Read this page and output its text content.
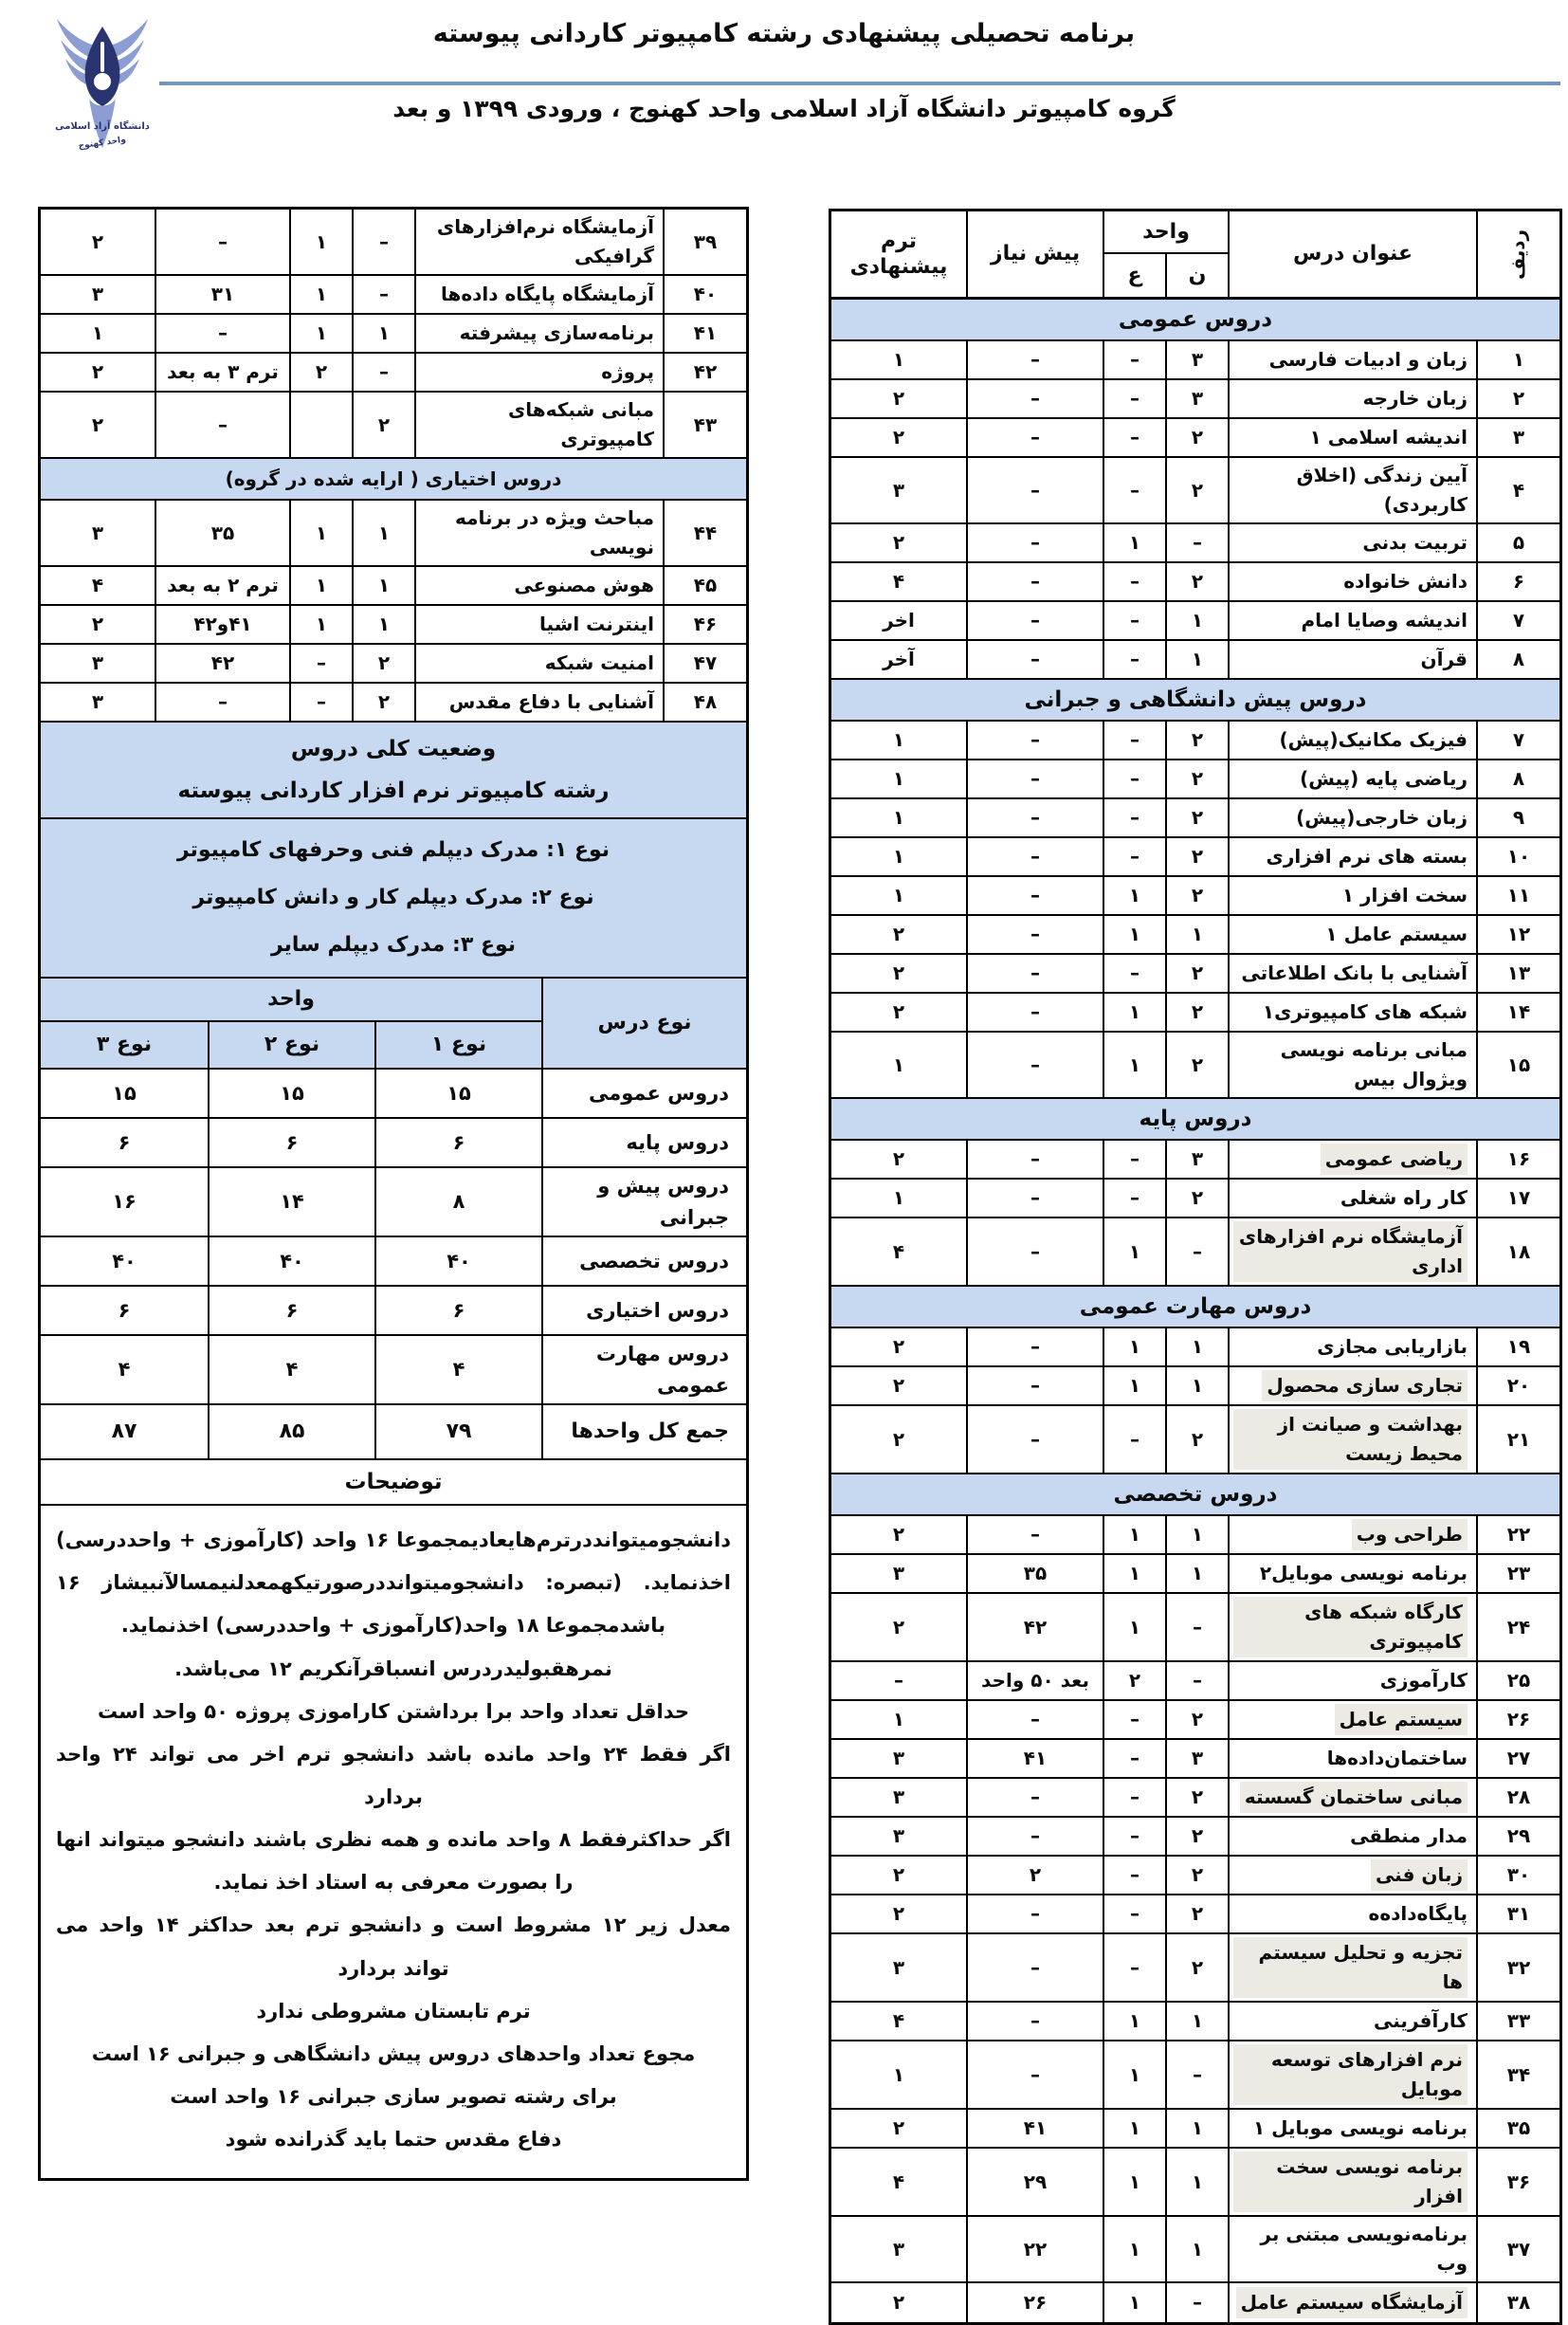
دانشگاه آزاد اسلامی
واحد کهنوج
برنامه تحصیلی پیشنهادی رشته کامپیوتر کاردانی پیوسته
گروه کامپیوتر دانشگاه آزاد اسلامی واحد کهنوج ، ورودی ۱۳۹۹ و بعد
ردیف
عنوان درس
واحد
ن
ع
پیش نیاز
ترم پیشنهادی
دروس عمومی
۱
زبان و ادبیات فارسی
۳
–
–
۱
۲
زبان خارجه
۳
–
–
۲
۳
اندیشه اسلامی ۱
۲
–
–
۲
۴
آیین زندگی (اخلاق کاربردی)
۲
–
–
۳
۵
تربیت بدنی
–
۱
–
۲
۶
دانش خانواده
۲
–
–
۴
۷
اندیشه وصایا امام
۱
–
–
اخر
۸
قرآن
۱
–
–
آخر
دروس پیش دانشگاهی و جبرانی
۷
فیزیک مکانیک(پیش)
۲
–
–
۱
۸
ریاضی پایه (پیش)
۲
–
–
۱
۹
زبان خارجی(پیش)
۲
–
–
۱
۱۰
بسته های نرم افزاری
۲
–
–
۱
۱۱
سخت افزار ۱
۲
۱
–
۱
۱۲
سیستم عامل ۱
۱
۱
–
۲
۱۳
آشنایی با بانک اطلاعاتی
۲
–
–
۲
۱۴
شبکه های کامپیوتری۱
۲
۱
–
۲
۱۵
مبانی برنامه نویسی ویژوال بیس
۲
۱
–
۱
دروس پایه
۱۶
ریاضی عمومی
۳
–
–
۲
۱۷
کار راه شغلی
۲
–
–
۱
۱۸
آزمایشگاه نرم افزارهای اداری
–
۱
–
۴
دروس مهارت عمومی
۱۹
بازاریابی مجازی
۱
۱
–
۲
۲۰
تجاری سازی محصول
۱
۱
–
۲
۲۱
بهداشت و صیانت از محیط زیست
۲
–
–
۲
دروس تخصصی
۲۲
طراحی وب
۱
۱
–
۲
۲۳
برنامه نویسی موبایل۲
۱
۱
۳۵
۳
۲۴
کارگاه شبکه های کامپیوتری
–
۱
۴۲
۲
۲۵
کارآموزی
–
۲
بعد ۵۰ واحد
–
۲۶
سیستم عامل
۲
–
–
۱
۲۷
ساختمان‌داده‌ها
۳
–
۴۱
۳
۲۸
مبانی ساختمان گسسته
۲
–
–
۳
۲۹
مدار منطقی
۲
–
–
۳
۳۰
زبان فنی
۲
–
۲
۲
۳۱
پایگاه‌داده‌ه
۲
–
–
۲
۳۲
تجزیه و تحلیل سیستم ها
۲
–
–
۳
۳۳
کارآفرینی
۱
۱
–
۴
۳۴
نرم افزارهای توسعه موبایل
–
۱
–
۱
۳۵
برنامه نویسی موبایل ۱
۱
۱
۴۱
۲
۳۶
برنامه نویسی سخت افزار
۱
۱
۲۹
۴
۳۷
برنامه‌نویسی مبتنی بر وب
۱
۱
۲۲
۳
۳۸
آزمایشگاه سیستم عامل
–
۱
۲۶
۲
۳۹
آزمایشگاه نرم‌افزارهای گرافیکی
–
۱
–
۲
۴۰
آزمایشگاه پایگاه داده‌ها
–
۱
۳۱
۳
۴۱
برنامه‌سازی پیشرفته
۱
۱
–
۱
۴۲
پروژه
–
۲
ترم ۳ به بعد
۲
۴۳
مبانی شبکه‌های کامپیوتری
۲
–
۲
دروس اختیاری ( ارایه شده در گروه)
۴۴
مباحث ویژه در برنامه نویسی
۱
۱
۳۵
۳
۴۵
هوش مصنوعی
۱
۱
ترم ۲ به بعد
۴
۴۶
اینترنت اشیا
۱
۱
۴۱و۴۲
۲
۴۷
امنیت شبکه
۲
–
۴۲
۳
۴۸
آشنایی با دفاع مقدس
۲
–
–
۳
وضعیت کلی دروس
رشته کامپیوتر نرم افزار کاردانی پیوسته
نوع ۱: مدرک دیپلم فنی وحرفهای کامپیوتر
نوع ۲: مدرک دیپلم کار و دانش کامپیوتر
نوع ۳: مدرک دیپلم سایر
نوع درس
واحد
نوع ۱
نوع ۲
نوع ۳
دروس عمومی
۱۵
۱۵
۱۵
دروس پایه
۶
۶
۶
دروس پیش و جبرانی
۸
۱۴
۱۶
دروس تخصصی
۴۰
۴۰
۴۰
دروس اختیاری
۶
۶
۶
دروس مهارت عمومی
۴
۴
۴
جمع کل واحدها
۷۹
۸۵
۸۷
توضیحات
دانشجومیتوانددرترم‌هایعادیمجموعا ۱۶ واحد (کارآموزی + واحددرسی) اخذنماید. (تبصره: دانشجومیتوانددرصورتیکهمعدلنیمسالآنبیشاز ۱۶ باشدمجموعا ۱۸ واحد(کارآموزی + واحددرسی) اخذنماید.
نمرهقبولیدردرس انسباقرآنکریم ۱۲ می‌باشد.
حداقل تعداد واحد برا برداشتن کاراموزی پروژه ۵۰ واحد است
اگر فقط ۲۴ واحد مانده باشد دانشجو ترم اخر می تواند ۲۴ واحد بردارد
اگر حداکثرفقط ۸ واحد مانده و همه نظری باشند دانشجو میتواند انها را بصورت معرفی به استاد اخذ نماید.
معدل زیر ۱۲ مشروط است و دانشجو ترم بعد حداکثر ۱۴ واحد می تواند بردارد
ترم تابستان مشروطی ندارد
مجوع تعداد واحدهای دروس پیش دانشگاهی و جبرانی ۱۶ است
برای رشته تصویر سازی جبرانی ۱۶ واحد است
دفاع مقدس حتما باید گذرانده شود
